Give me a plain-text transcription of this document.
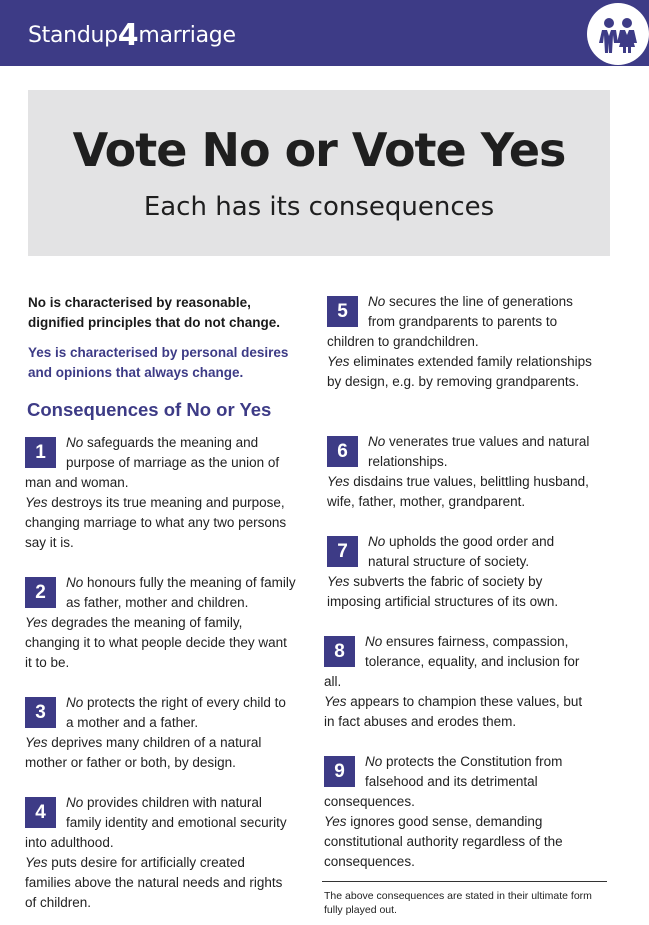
Standup4marriage
Vote No or Vote Yes
Each has its consequences
No is characterised by reasonable,
dignified principles that do not change.
Yes is characterised by personal desires
and opinions that always change.
Consequences of No or Yes
1	No safeguards the meaning and purpose of marriage as the union of man and woman.
Yes destroys its true meaning and purpose, changing marriage to what any two persons say it is.
2	No honours fully the meaning of family as father, mother and children.
Yes degrades the meaning of family, changing it to what people decide they want it to be.
3	No protects the right of every child to a mother and a father.
Yes deprives many children of a natural mother or father or both, by design.
4	No provides children with natural family identity and emotional security into adulthood.
Yes puts desire for artificially created families above the natural needs and rights of children.
5	No secures the line of generations from grandparents to parents to children to grandchildren.
Yes eliminates extended family relationships by design, e.g. by removing grandparents.
6	No venerates true values and natural relationships.
Yes disdains true values, belittling husband, wife, father, mother, grandparent.
7	No upholds the good order and natural structure of society.
Yes subverts the fabric of society by imposing artificial structures of its own.
8	No ensures fairness, compassion, tolerance, equality, and inclusion for all.
Yes appears to champion these values, but in fact abuses and erodes them.
9	No protects the Constitution from falsehood and its detrimental consequences.
Yes ignores good sense, demanding constitutional authority regardless of the consequences.
The above consequences are stated in their ultimate form fully played out.
